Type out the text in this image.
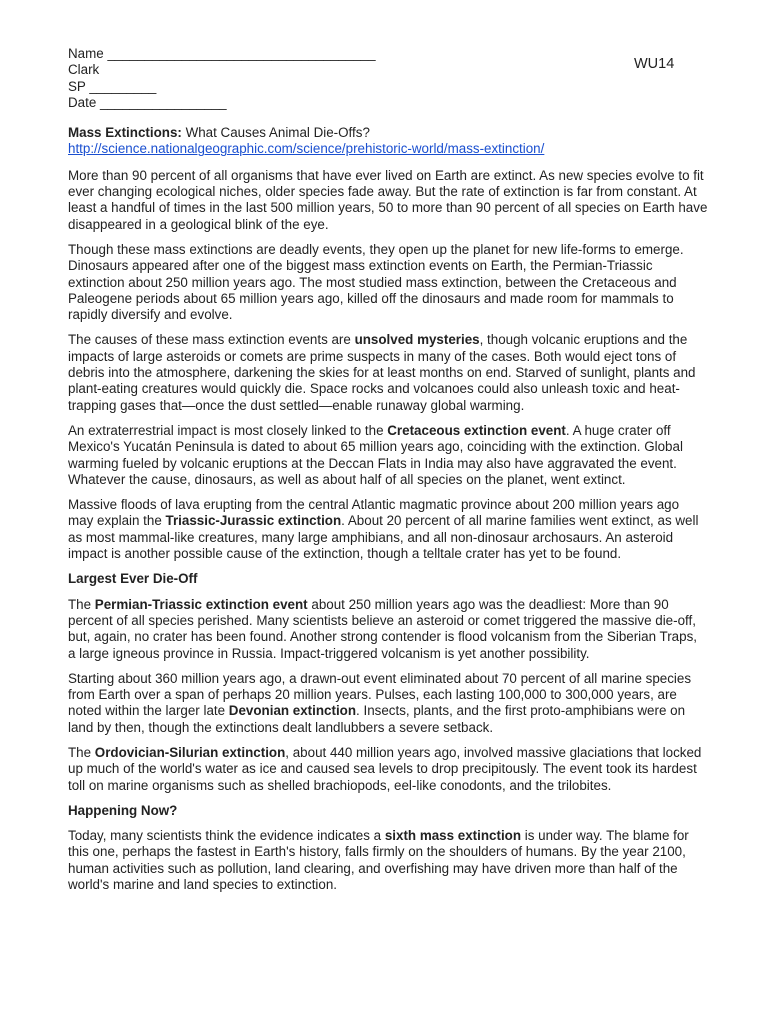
WU14

Name ____________________________________

Clark

SP _________

Date _________________

Mass Extinctions: What Causes Animal Die-Offs?
http://science.nationalgeographic.com/science/prehistoric-world/mass-extinction/

More than 90 percent of all organisms that have ever lived on Earth are extinct. As new species evolve to fit ever changing ecological niches, older species fade away. But the rate of extinction is far from constant. At least a handful of times in the last 500 million years, 50 to more than 90 percent of all species on Earth have disappeared in a geological blink of the eye.

Though these mass extinctions are deadly events, they open up the planet for new life-forms to emerge. Dinosaurs appeared after one of the biggest mass extinction events on Earth, the Permian-Triassic extinction about 250 million years ago. The most studied mass extinction, between the Cretaceous and Paleogene periods about 65 million years ago, killed off the dinosaurs and made room for mammals to rapidly diversify and evolve.

The causes of these mass extinction events are unsolved mysteries, though volcanic eruptions and the impacts of large asteroids or comets are prime suspects in many of the cases. Both would eject tons of debris into the atmosphere, darkening the skies for at least months on end. Starved of sunlight, plants and plant-eating creatures would quickly die. Space rocks and volcanoes could also unleash toxic and heat-trapping gases that—once the dust settled—enable runaway global warming.

An extraterrestrial impact is most closely linked to the Cretaceous extinction event. A huge crater off Mexico's Yucatán Peninsula is dated to about 65 million years ago, coinciding with the extinction. Global warming fueled by volcanic eruptions at the Deccan Flats in India may also have aggravated the event. Whatever the cause, dinosaurs, as well as about half of all species on the planet, went extinct.

Massive floods of lava erupting from the central Atlantic magmatic province about 200 million years ago may explain the Triassic-Jurassic extinction. About 20 percent of all marine families went extinct, as well as most mammal-like creatures, many large amphibians, and all non-dinosaur archosaurs. An asteroid impact is another possible cause of the extinction, though a telltale crater has yet to be found.

Largest Ever Die-Off

The Permian-Triassic extinction event about 250 million years ago was the deadliest: More than 90 percent of all species perished. Many scientists believe an asteroid or comet triggered the massive die-off, but, again, no crater has been found. Another strong contender is flood volcanism from the Siberian Traps, a large igneous province in Russia. Impact-triggered volcanism is yet another possibility.

Starting about 360 million years ago, a drawn-out event eliminated about 70 percent of all marine species from Earth over a span of perhaps 20 million years. Pulses, each lasting 100,000 to 300,000 years, are noted within the larger late Devonian extinction. Insects, plants, and the first proto-amphibians were on land by then, though the extinctions dealt landlubbers a severe setback.

The Ordovician-Silurian extinction, about 440 million years ago, involved massive glaciations that locked up much of the world's water as ice and caused sea levels to drop precipitously. The event took its hardest toll on marine organisms such as shelled brachiopods, eel-like conodonts, and the trilobites.

Happening Now?

Today, many scientists think the evidence indicates a sixth mass extinction is under way. The blame for this one, perhaps the fastest in Earth's history, falls firmly on the shoulders of humans. By the year 2100, human activities such as pollution, land clearing, and overfishing may have driven more than half of the world's marine and land species to extinction.
